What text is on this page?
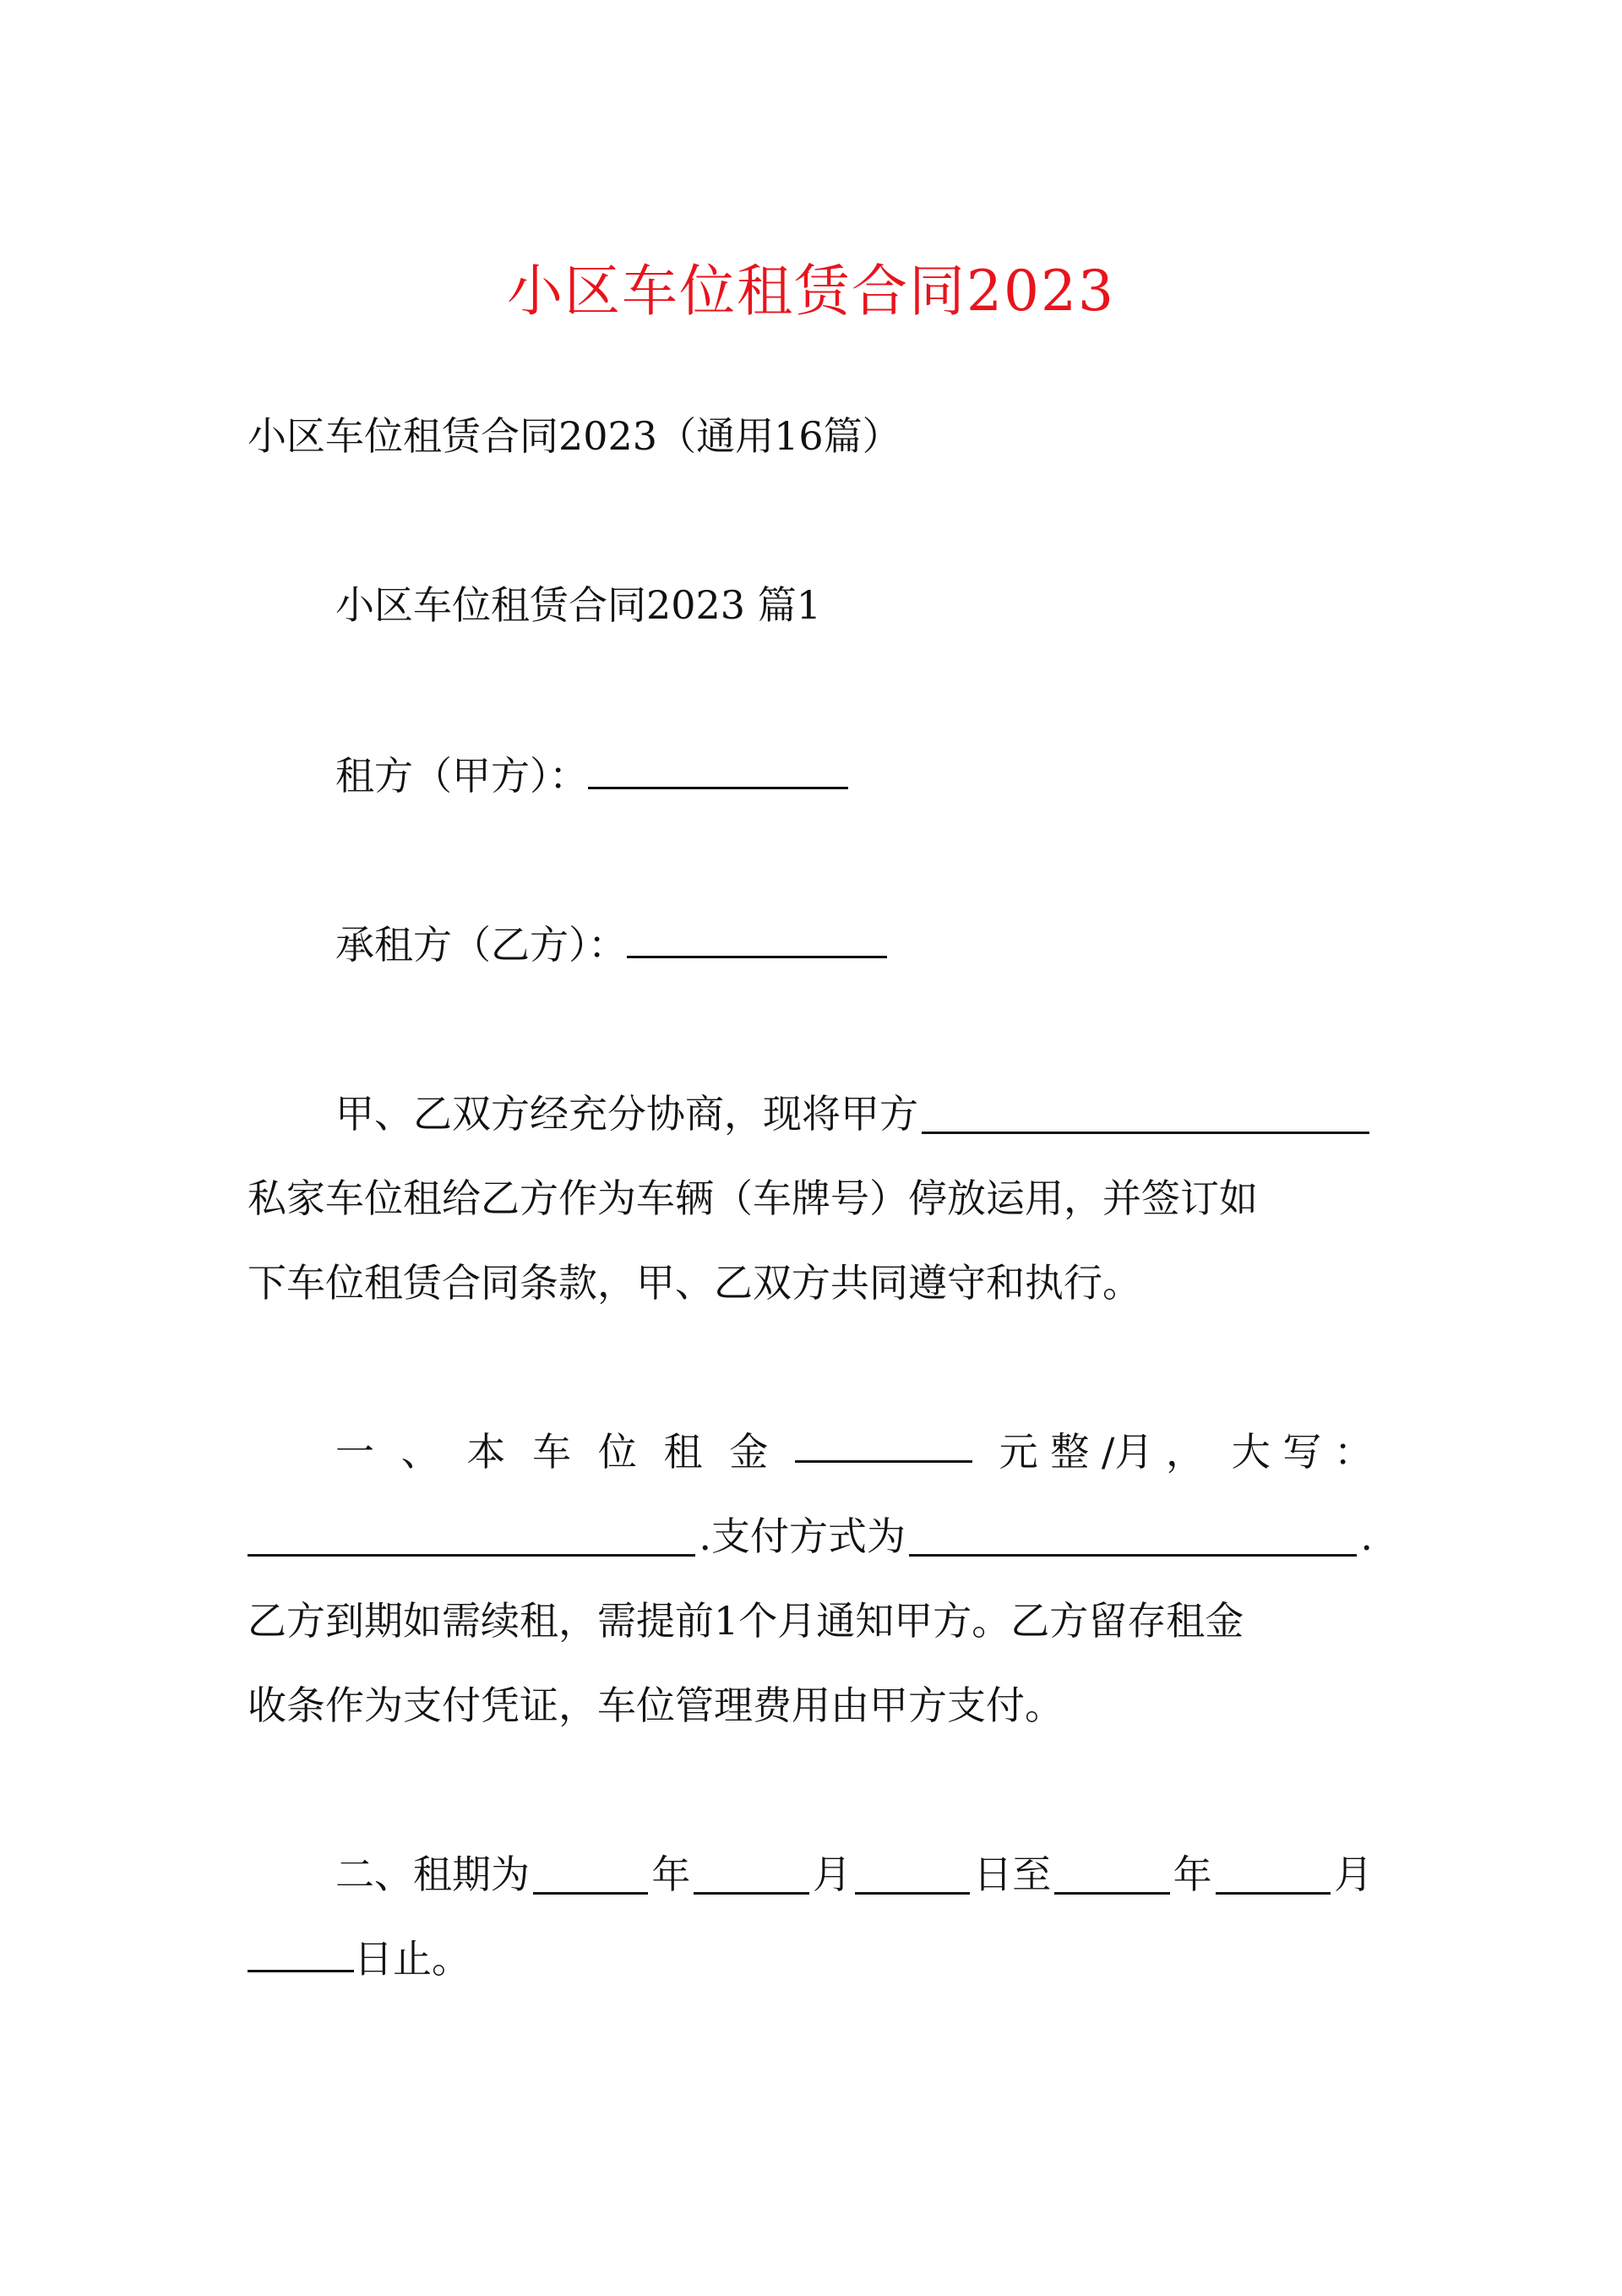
小区车位租赁合同2023
小区车位租赁合同2023（通用16篇）
小区车位租赁合同2023 篇1
租方（甲方）：
承租方（乙方）：
甲、乙双方经充分协商，现将甲方
私家车位租给乙方作为车辆（车牌号）停放运用，并签订如
下车位租赁合同条款，甲、乙双方共同遵守和执行。
一 、 本 车 位 租 金	元 整 /月 ， 大 写 ：
.支付方式为	.
乙方到期如需续租，需提前1个月通知甲方。乙方留存租金
收条作为支付凭证，车位管理费用由甲方支付。
二、租期为	年	月	日至	年	月
日止。
